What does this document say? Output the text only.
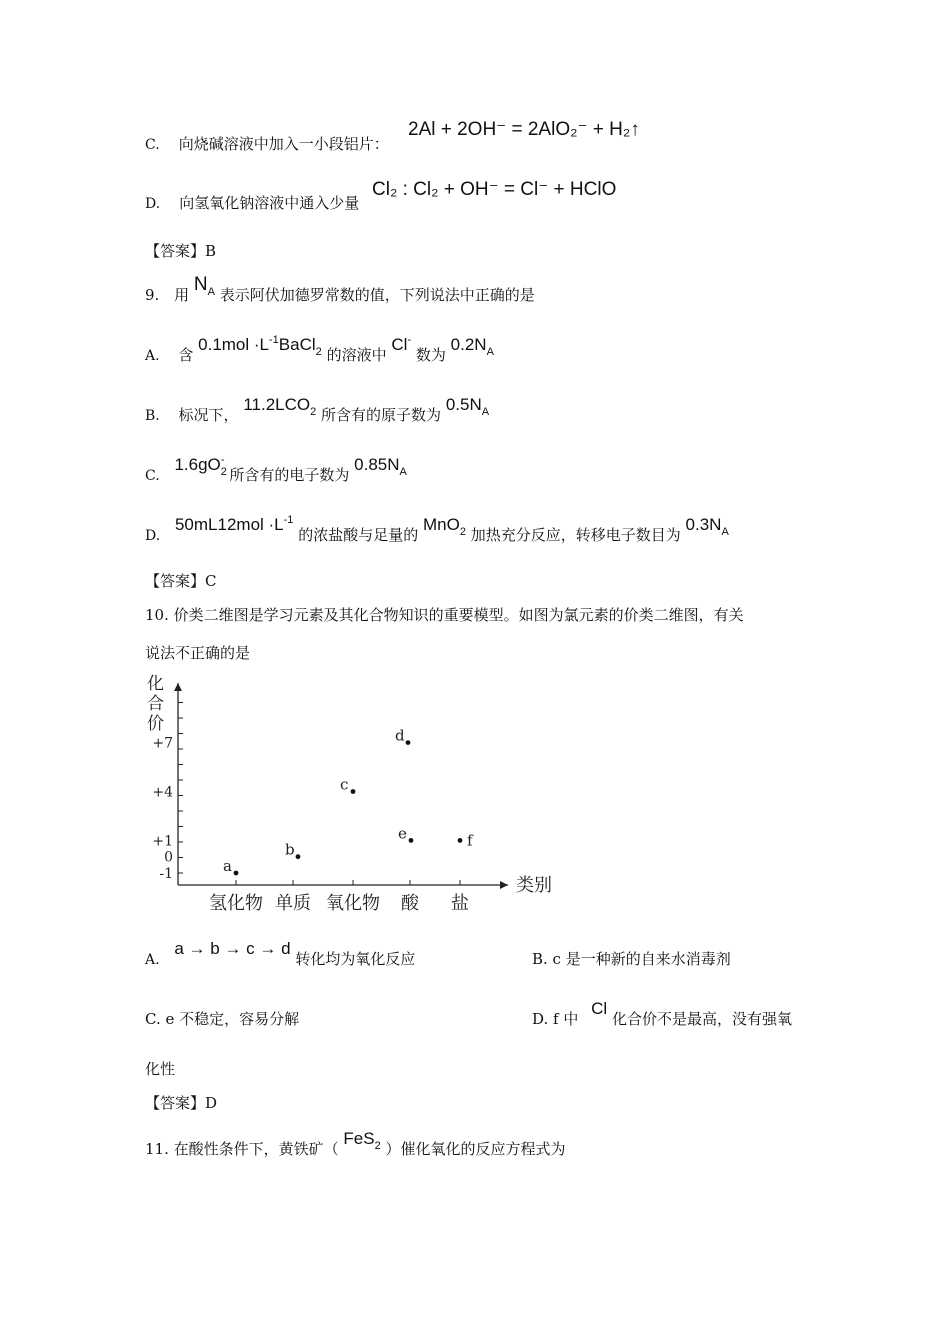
C. 向烧碱溶液中加入一小段铝片：
2Al + 2OH⁻ = 2AlO₂⁻ + H₂↑
D. 向氢氧化钠溶液中通入少量
Cl₂ : Cl₂ + OH⁻ = Cl⁻ + HClO
【答案】B
9. 用 $N_A$ 表示阿伏加德罗常数的值，下列说法中正确的是
A. 含 $0.1mol \cdot L^{-1}BaCl_2$ 的溶液中 Cl- 数为 $0.2N_A$
B. 标况下， $11.2LCO_2$ 所含有的原子数为 $0.5N_A$
C. $1.6gO_2^-$ 所含有的电子数为 $0.85N_A$
D. $50mL12mol \cdot L^{-1}$ 的浓盐酸与足量的 MnO$_2$ 加热充分反应，转移电子数目为 $0.3N_A$
【答案】C
10. 价类二维图是学习元素及其化合物知识的重要模型。如图为氯元素的价类二维图，有关
说法不正确的是
化
合
价
+7
+4
+1
0
-1
氢化物 单质 氧化物 酸 盐
类别
a
b
c
d
e	f
A. a → b → c → d 转化均为氧化反应	B. c 是一种新的自来水消毒剂
C. e 不稳定，容易分解	D. f 中 Cl 化合价不是最高，没有强氧
化性
【答案】D
11. 在酸性条件下，黄铁矿（ FeS$_2$ ）催化氧化的反应方程式为
